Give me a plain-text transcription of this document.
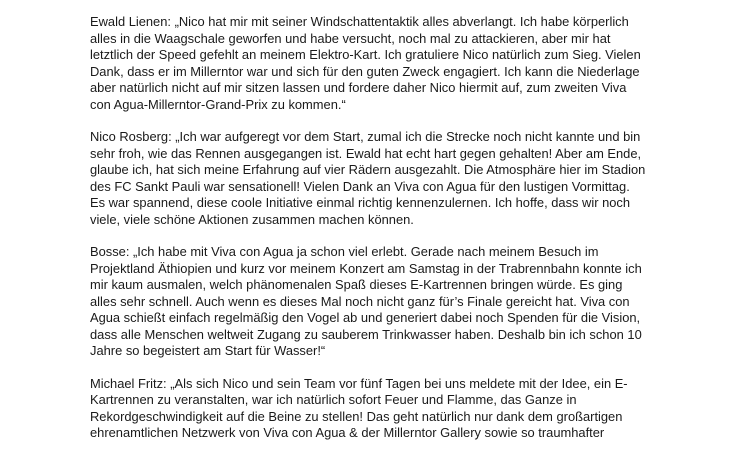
Ewald Lienen: „Nico hat mir mit seiner Windschattentaktik alles abverlangt. Ich habe körperlich
alles in die Waagschale geworfen und habe versucht, noch mal zu attackieren, aber mir hat
letztlich der Speed gefehlt an meinem Elektro-Kart. Ich gratuliere Nico natürlich zum Sieg. Vielen
Dank, dass er im Millerntor war und sich für den guten Zweck engagiert. Ich kann die Niederlage
aber natürlich nicht auf mir sitzen lassen und fordere daher Nico hiermit auf, zum zweiten Viva
con Agua-Millerntor-Grand-Prix zu kommen.“
Nico Rosberg: „Ich war aufgeregt vor dem Start, zumal ich die Strecke noch nicht kannte und bin
sehr froh, wie das Rennen ausgegangen ist. Ewald hat echt hart gegen gehalten! Aber am Ende,
glaube ich, hat sich meine Erfahrung auf vier Rädern ausgezahlt. Die Atmosphäre hier im Stadion
des FC Sankt Pauli war sensationell! Vielen Dank an Viva con Agua für den lustigen Vormittag.
Es war spannend, diese coole Initiative einmal richtig kennenzulernen. Ich hoffe, dass wir noch
viele, viele schöne Aktionen zusammen machen können.
Bosse: „Ich habe mit Viva con Agua ja schon viel erlebt. Gerade nach meinem Besuch im
Projektland Äthiopien und kurz vor meinem Konzert am Samstag in der Trabrennbahn konnte ich
mir kaum ausmalen, welch phänomenalen Spaß dieses E-Kartrennen bringen würde. Es ging
alles sehr schnell. Auch wenn es dieses Mal noch nicht ganz für’s Finale gereicht hat. Viva con
Agua schießt einfach regelmäßig den Vogel ab und generiert dabei noch Spenden für die Vision,
dass alle Menschen weltweit Zugang zu sauberem Trinkwasser haben. Deshalb bin ich schon 10
Jahre so begeistert am Start für Wasser!“
Michael Fritz: „Als sich Nico und sein Team vor fünf Tagen bei uns meldete mit der Idee, ein E-
Kartrennen zu veranstalten, war ich natürlich sofort Feuer und Flamme, das Ganze in
Rekordgeschwindigkeit auf die Beine zu stellen! Das geht natürlich nur dank dem großartigen
ehrenamtlichen Netzwerk von Viva con Agua & der Millerntor Gallery sowie so traumhafter
